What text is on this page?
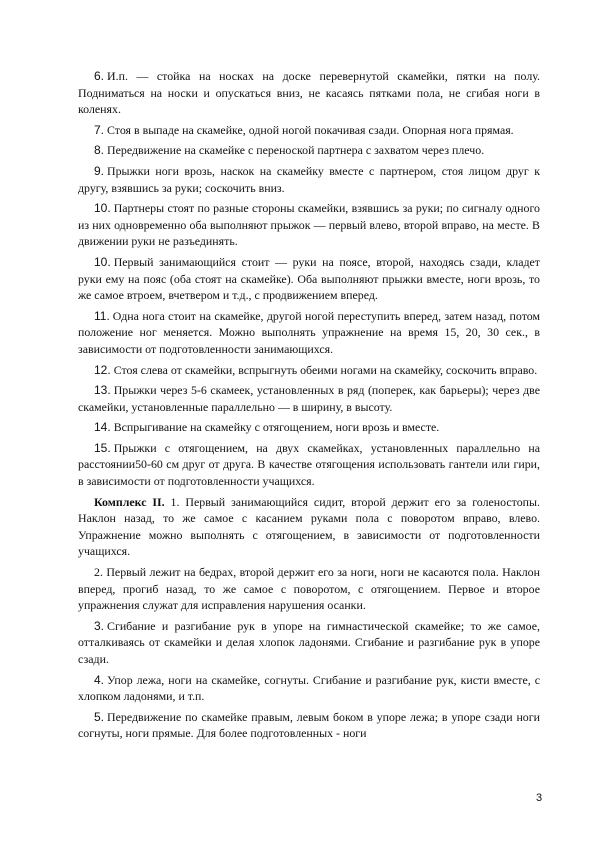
6. И.п. — стойка на носках на доске перевернутой скамейки, пятки на полу. Подниматься на носки и опускаться вниз, не касаясь пятками пола, не сгибая ноги в коленях.

7. Стоя в выпаде на скамейке, одной ногой покачивая сзади. Опорная нога прямая.

8. Передвижение на скамейке с переноской партнера с захватом через плечо.

9. Прыжки ноги врозь, наскок на скамейку вместе с партнером, стоя лицом друг к другу, взявшись за руки; соскочить вниз.

10. Партнеры стоят по разные стороны скамейки, взявшись за руки; по сигналу одного из них одновременно оба выполняют прыжок — первый влево, второй вправо, на месте. В движении руки не разъединять.

10. Первый занимающийся стоит — руки на поясе, второй, находясь сзади, кладет руки ему на пояс (оба стоят на скамейке). Оба выполняют прыжки вместе, ноги врозь, то же самое втроем, вчетвером и т.д., с продвижением вперед.

11. Одна нога стоит на скамейке, другой ногой переступить вперед, затем назад, потом положение ног меняется. Можно выполнять упражнение на время 15, 20, 30 сек., в зависимости от подготовленности занимающихся.

12. Стоя слева от скамейки, вспрыгнуть обеими ногами на скамейку, соскочить вправо.

13. Прыжки через 5-6 скамеек, установленных в ряд (поперек, как барьеры); через две скамейки, установленные параллельно — в ширину, в высоту.

14. Вспрыгивание на скамейку с отягощением, ноги врозь и вместе.

15. Прыжки с отягощением, на двух скамейках, установленных параллельно на расстоянии50-60 см друг от друга. В качестве отягощения использовать гантели или гири, в зависимости от подготовленности учащихся.

Комплекс II. 1. Первый занимающийся сидит, второй держит его за голеностопы. Наклон назад, то же самое с касанием руками пола с поворотом вправо, влево. Упражнение можно выполнять с отягощением, в зависимости от подготовленности учащихся.

2. Первый лежит на бедрах, второй держит его за ноги, ноги не касаются пола. Наклон вперед, прогиб назад, то же самое с поворотом, с отягощением. Первое и второе упражнения служат для исправления нарушения осанки.

3. Сгибание и разгибание рук в упоре на гимнастической скамейке; то же самое, отталкиваясь от скамейки и делая хлопок ладонями. Сгибание и разгибание рук в упоре сзади.

4. Упор лежа, ноги на скамейке, согнуты. Сгибание и разгибание рук, кисти вместе, с хлопком ладонями, и т.п.

5. Передвижение по скамейке правым, левым боком в упоре лежа; в упоре сзади ноги согнуты, ноги прямые. Для более подготовленных - ноги

3
